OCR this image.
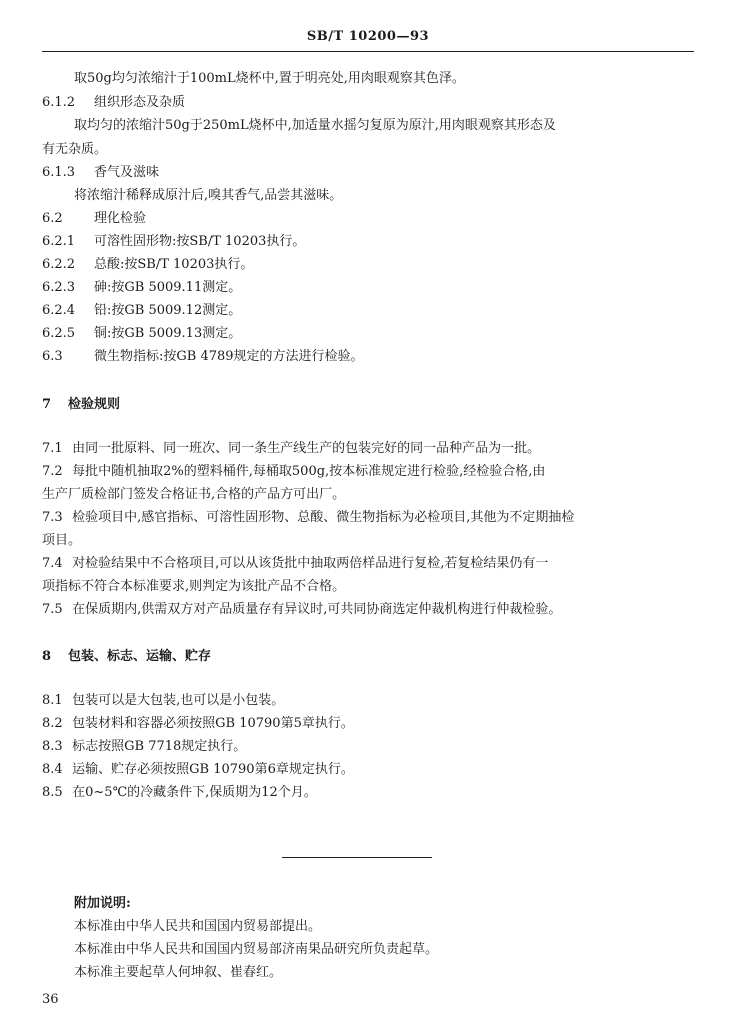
SB/T 10200—93
取50g均匀浓缩汁于100mL烧杯中,置于明亮处,用肉眼观察其色泽。
6.1.2 组织形态及杂质
取均匀的浓缩汁50g于250mL烧杯中,加适量水摇匀复原为原汁,用肉眼观察其形态及
有无杂质。
6.1.3 香气及滋味
将浓缩汁稀释成原汁后,嗅其香气,品尝其滋味。
6.2 理化检验
6.2.1 可溶性固形物:按SB/T 10203执行。
6.2.2 总酸:按SB/T 10203执行。
6.2.3 砷:按GB 5009.11测定。
6.2.4 铅:按GB 5009.12测定。
6.2.5 铜:按GB 5009.13测定。
6.3 微生物指标:按GB 4789规定的方法进行检验。
7 检验规则
7.1 由同一批原料、同一班次、同一条生产线生产的包装完好的同一品种产品为一批。
7.2 每批中随机抽取2%的塑料桶件,每桶取500g,按本标准规定进行检验,经检验合格,由
生产厂质检部门签发合格证书,合格的产品方可出厂。
7.3 检验项目中,感官指标、可溶性固形物、总酸、微生物指标为必检项目,其他为不定期抽检
项目。
7.4 对检验结果中不合格项目,可以从该货批中抽取两倍样品进行复检,若复检结果仍有一
项指标不符合本标准要求,则判定为该批产品不合格。
7.5 在保质期内,供需双方对产品质量存有异议时,可共同协商选定仲裁机构进行仲裁检验。
8 包装、标志、运输、贮存
8.1 包装可以是大包装,也可以是小包装。
8.2 包装材料和容器必须按照GB 10790第5章执行。
8.3 标志按照GB 7718规定执行。
8.4 运输、贮存必须按照GB 10790第6章规定执行。
8.5 在0~5℃的冷藏条件下,保质期为12个月。
附加说明:
本标准由中华人民共和国国内贸易部提出。
本标准由中华人民共和国国内贸易部济南果品研究所负责起草。
本标准主要起草人何坤叙、崔春红。
36
